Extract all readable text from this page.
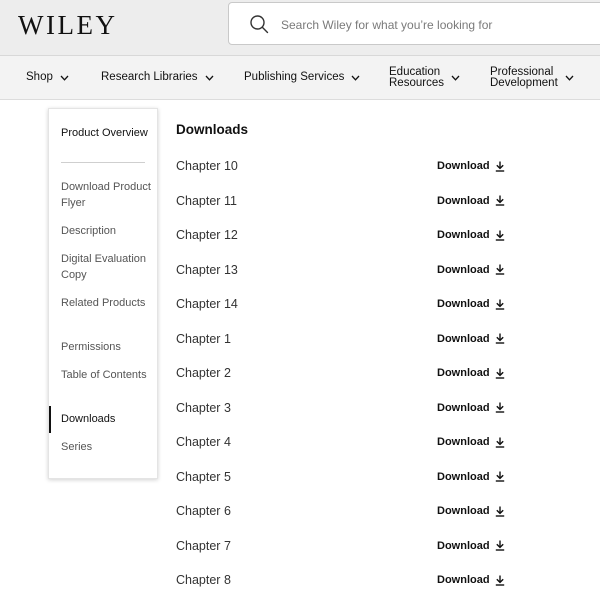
WILEY
Search Wiley for what you’re looking for
Shop	Research Libraries	Publishing Services	Education
Resources
Professional
Development
Product Overview
Download Product Flyer
Description
Digital Evaluation Copy
Related Products
Permissions
Table of Contents
Downloads
Series
Downloads
Chapter 10	Download
Chapter 11	Download
Chapter 12	Download
Chapter 13	Download
Chapter 14	Download
Chapter 1	Download
Chapter 2	Download
Chapter 3	Download
Chapter 4	Download
Chapter 5	Download
Chapter 6	Download
Chapter 7	Download
Chapter 8	Download
